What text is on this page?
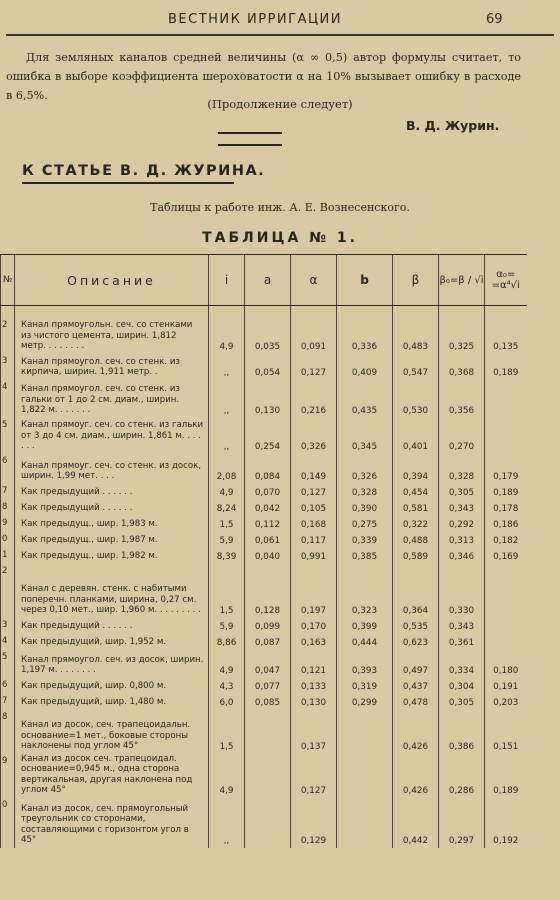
ВЕСТНИК ИРРИГАЦИИ	69
Для земляных каналов средней величины (α ∞ 0,5) автор формулы считает, то ошибка в выборе коэффициента шероховатости α на 10% вызывает ошибку в расходе в 6,5%.
(Продолжение следует)
В. Д. Журин.
К СТАТЬЕ В. Д. ЖУРИНА.
Таблицы к работе инж. А. Е. Вознесенского.
ТАБЛИЦА № 1.
№	Описание	i	a	α	b	β	β₀=β / √i	α₀= =α⁴√i
2	Канал прямоугольн. сеч. со стенками из чистого цемента, ширин. 1,812 метр. . . . . . . .	4,9	0,035	0,091	0,336	0,483	0,325	0,135
3	Канал прямоугол. сеч. со стенк. из кирпича, ширин. 1,911 метр. .	,,	0,054	0,127	0,409	0,547	0,368	0,189
4	Канал прямоугол. сеч. со стенк. из гальки от 1 до 2 см. диам., ширин. 1,822 м. . . . . . .	,,	0,130	0,216	0,435	0,530	0,356	
5	Канал прямоуг. сеч. со стенк. из гальки от 3 до 4 см. диам., ширин. 1,861 м. . . . . . .	,,	0,254	0,326	0,345	0,401	0,270	
6	Канал прямоуг. сеч. со стенк. из досок, ширин. 1,99 мет. . . .	2,08	0,084	0,149	0,326	0,394	0,328	0,179
7	Как предыдущий . . . . . .	4,9	0,070	0,127	0,328	0,454	0,305	0,189
8	Как предыдущий . . . . . .	8,24	0,042	0,105	0,390	0,581	0,343	0,178
9	Как предыдущ., шир. 1,983 м.	1,5	0,112	0,168	0,275	0,322	0,292	0,186
0	Как предыдущ., шир. 1,987 м.	5,9	0,061	0,117	0,339	0,488	0,313	0,182
1	Как предыдущ., шир. 1,982 м.	8,39	0,040	0,991	0,385	0,589	0,346	0,169
2	Канал с деревян. стенк. с набитыми поперечн. планками, ширина, 0,27 см. через 0,10 мет., шир. 1,960 м. . . . . . . . .	1,5	0,128	0,197	0,323	0,364	0,330	
3	Как предыдущий . . . . . .	5,9	0,099	0,170	0,399	0,535	0,343	
4	Как предыдущий, шир. 1,952 м.	8,86	0,087	0,163	0,444	0,623	0,361	
5	Канал прямоугол. сеч. из досок, ширин. 1,197 м. . . . . . . .	4,9	0,047	0,121	0,393	0,497	0,334	0,180
6	Как предыдущий, шир. 0,800 м.	4,3	0,077	0,133	0,319	0,437	0,304	0,191
7	Как предыдущий, шир. 1,480 м.	6,0	0,085	0,130	0,299	0,478	0,305	0,203
8	Канал из досок, сеч. трапецоидальн. основание=1 мет., боковые стороны наклонены под углом 45°	1,5		0,137		0,426	0,386	0,151
9	Канал из досок сеч. трапецоидал. основание=0,945 м., одна сторона вертикальная, другая наклонена под углом 45°	4,9		0,127		0,426	0,286	0,189
0	Канал из досок, сеч. прямоугольный треугольник со сторонами, составляющими с горизонтом угол в 45°	,,		0,129		0,442	0,297	0,192
